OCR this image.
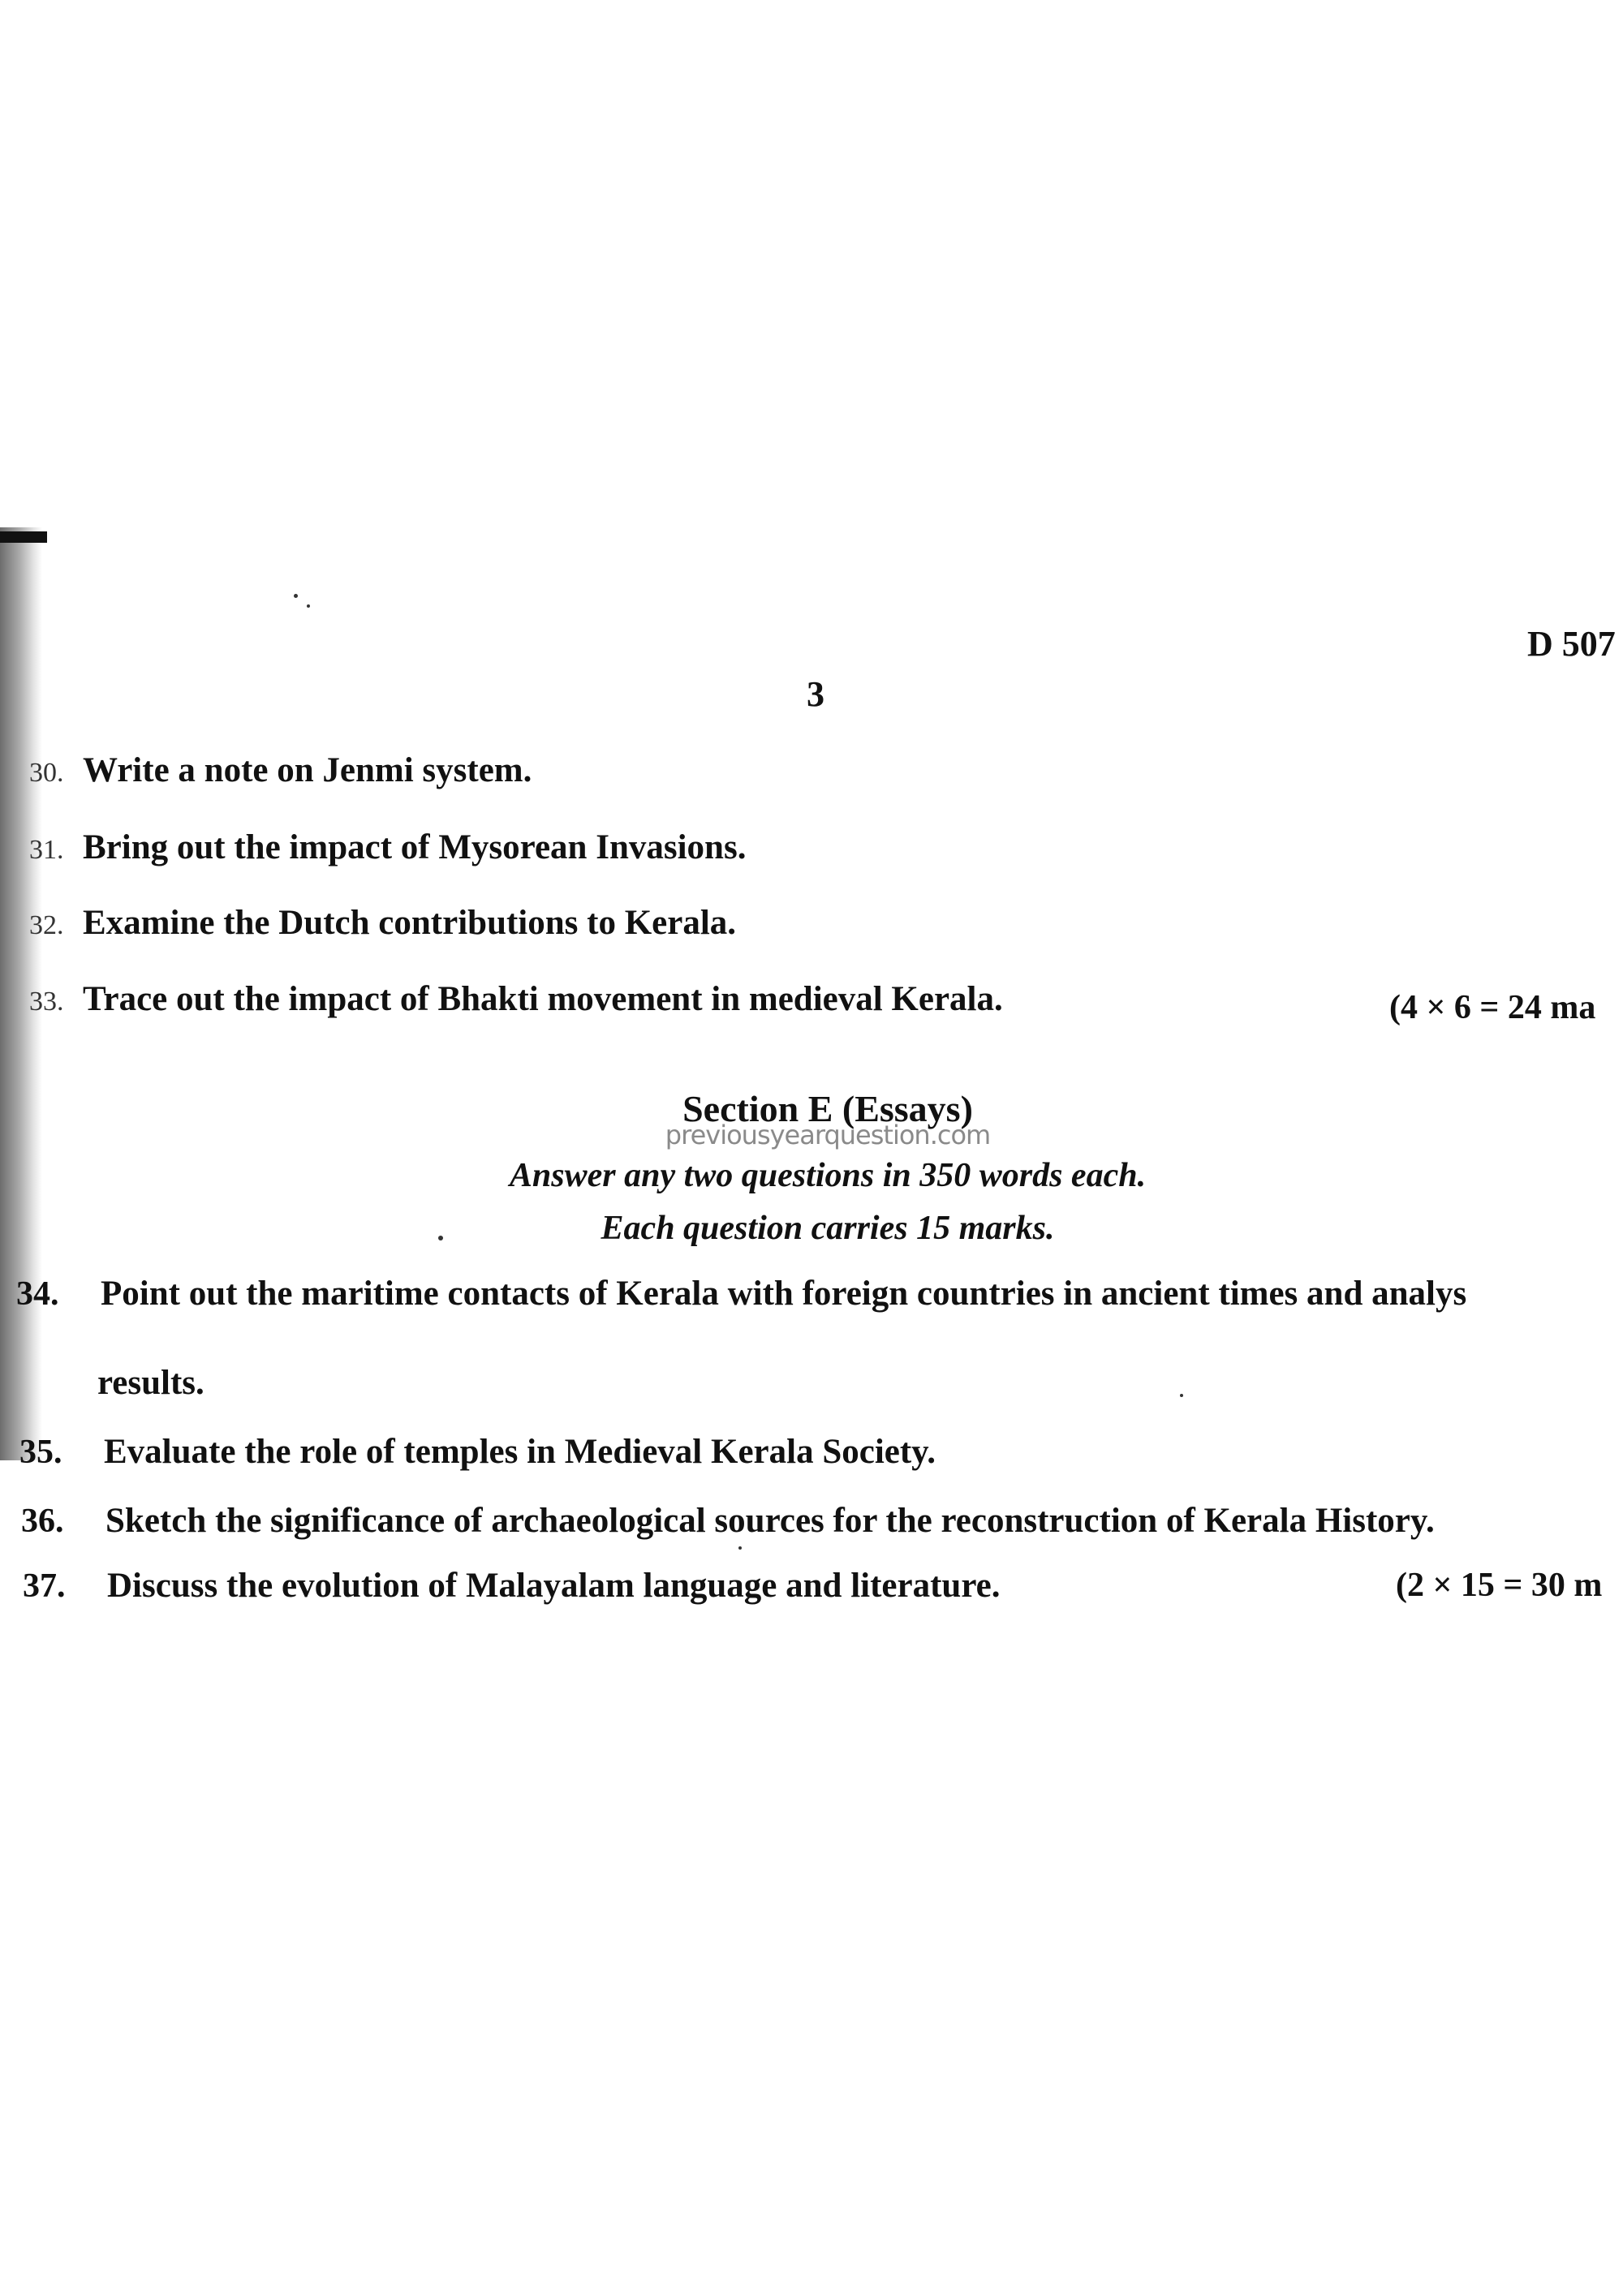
D 507
3
30. Write a note on Jenmi system.
31. Bring out the impact of Mysorean Invasions.
32. Examine the Dutch contributions to Kerala.
33. Trace out the impact of Bhakti movement in medieval Kerala.	(4 × 6 = 24 ma
Section E (Essays)
previousyearquestion.com
Answer any two questions in 350 words each.
Each question carries 15 marks.
34. Point out the maritime contacts of Kerala with foreign countries in ancient times and analys
results.
35. Evaluate the role of temples in Medieval Kerala Society.
36. Sketch the significance of archaeological sources for the reconstruction of Kerala History.
37. Discuss the evolution of Malayalam language and literature.	(2 × 15 = 30 m
